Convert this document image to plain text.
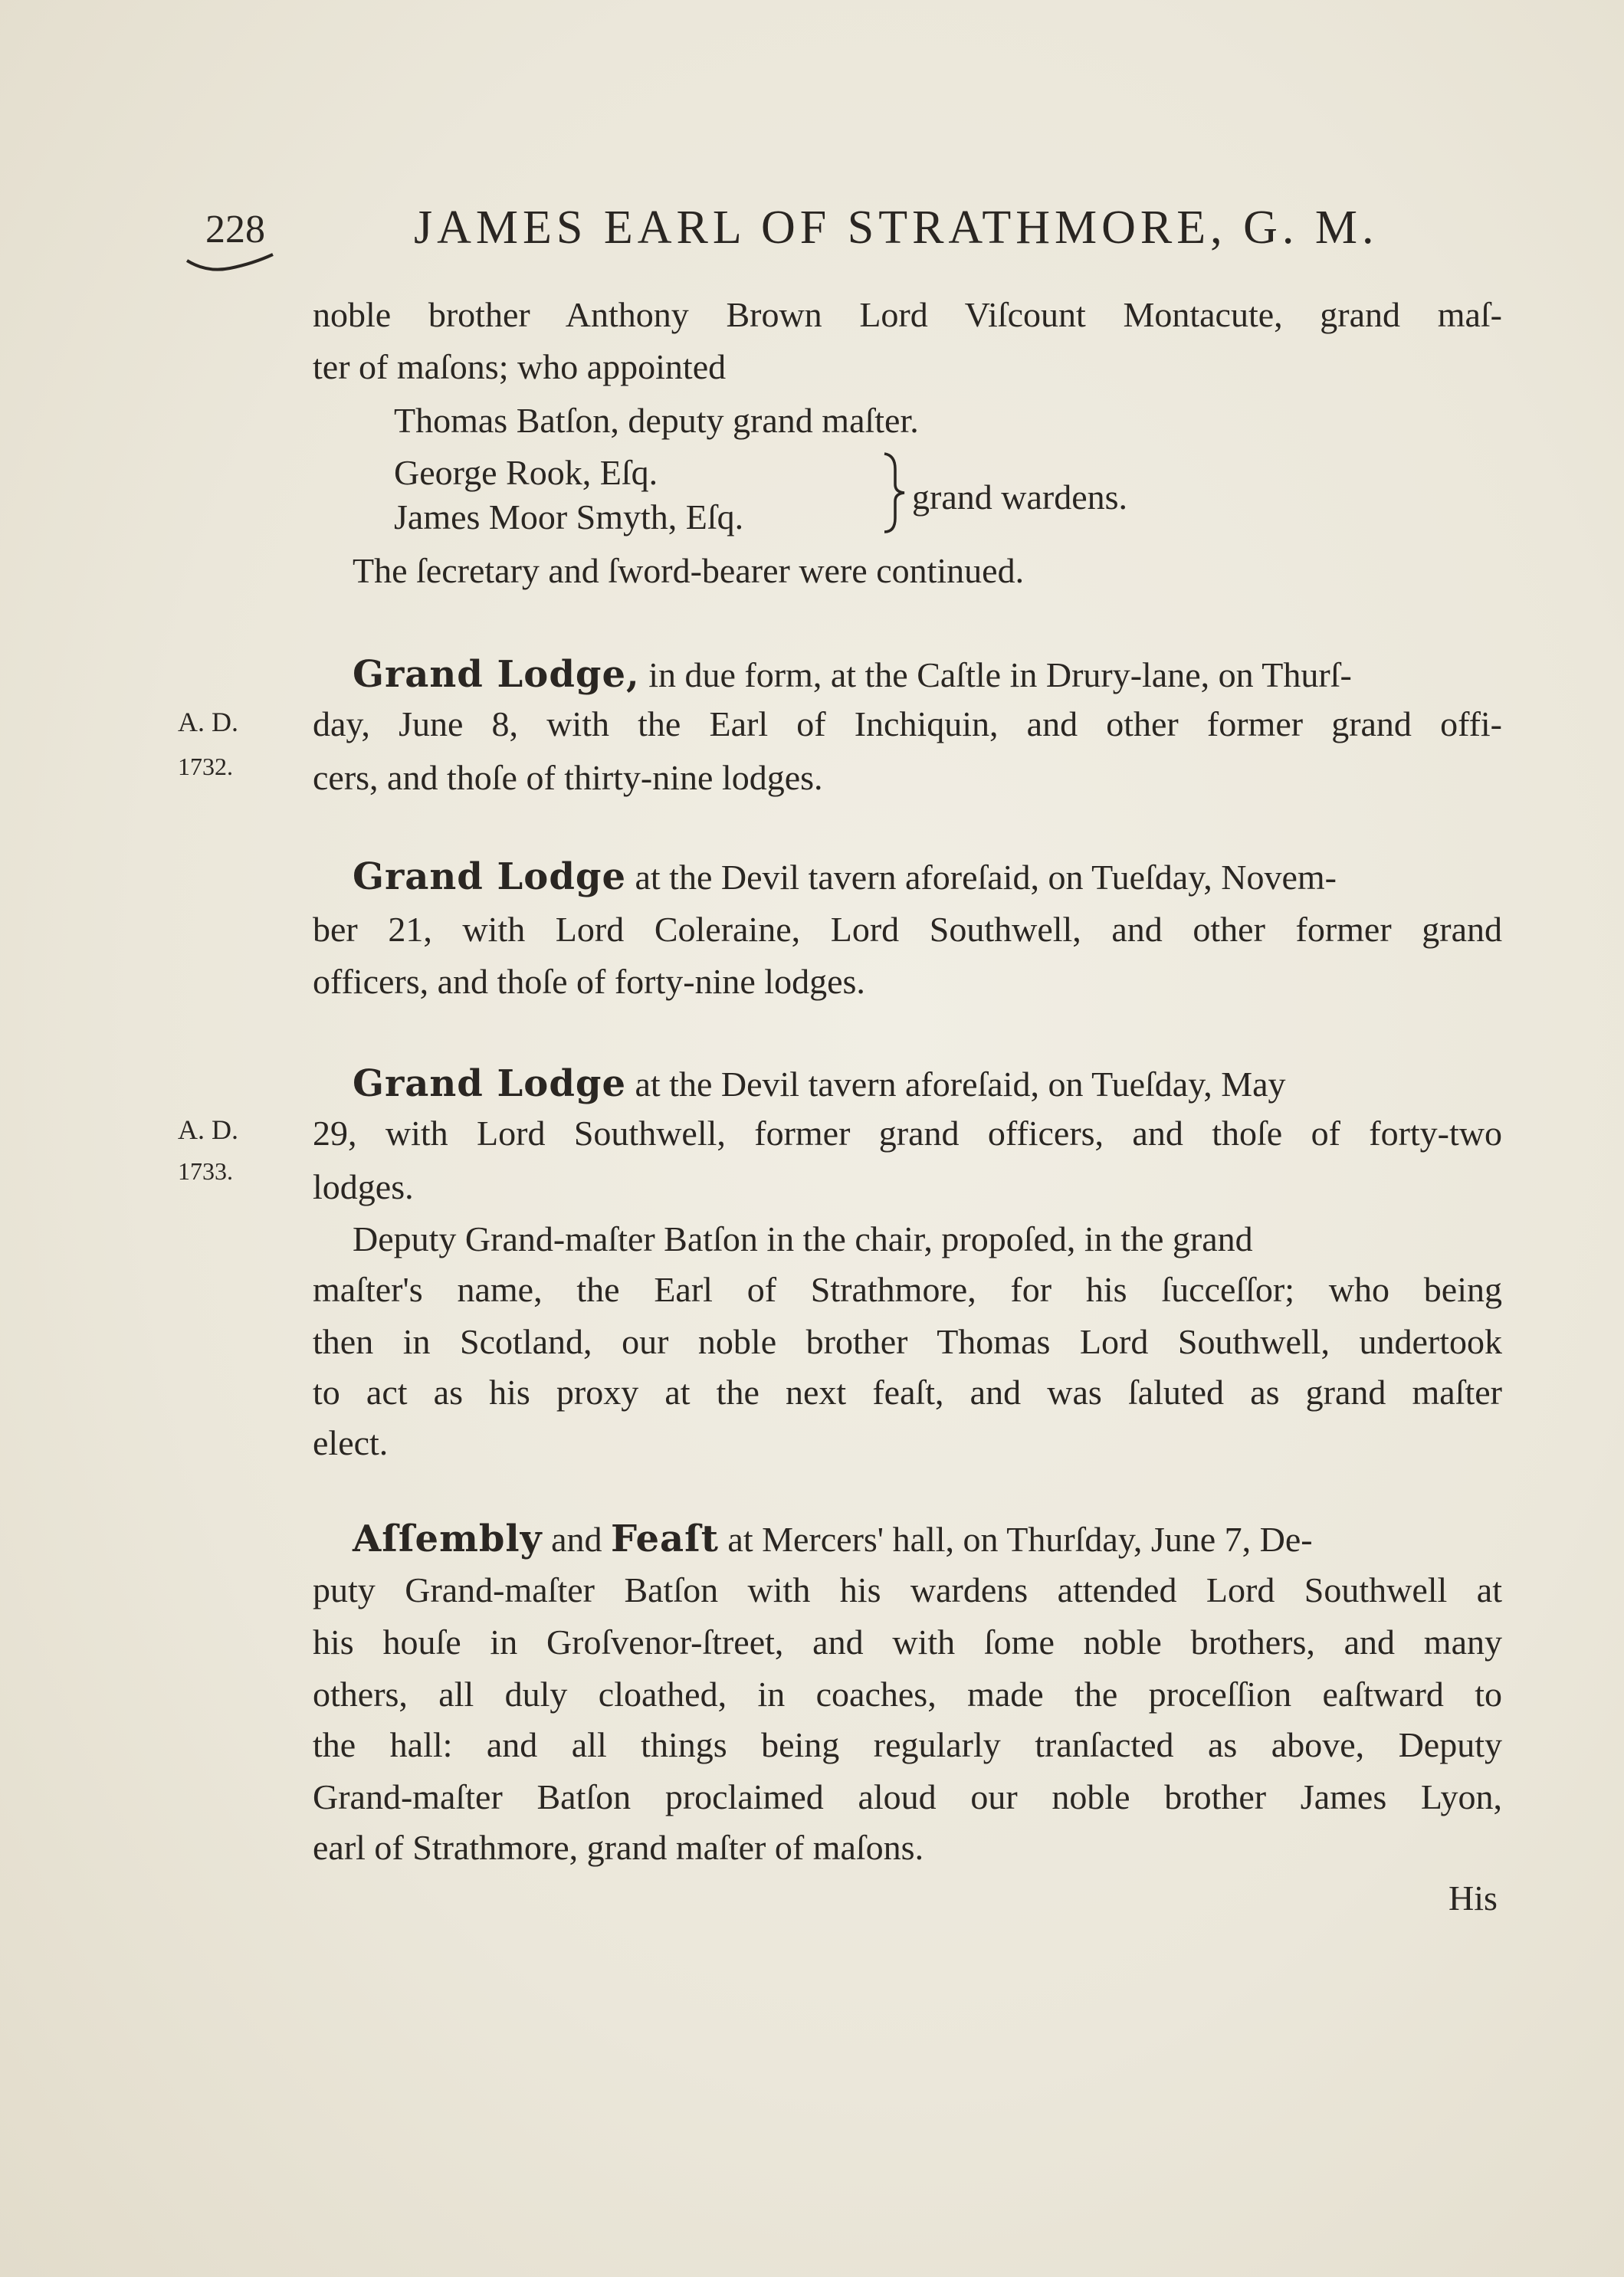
228	JAMES EARL OF STRATHMORE, G. M.
noble brother Anthony Brown Lord Viſcount Montacute, grand maſ-
ter of maſons; who appointed
Thomas Batſon, deputy grand maſter.
George Rook, Eſq.
James Moor Smyth, Eſq.
grand wardens.
The ſecretary and ſword-bearer were continued.
Grand Lodge, in due form, at the Caſtle in Drury-lane, on Thurſ-
A. D.
1732.
day, June 8, with the Earl of Inchiquin, and other former grand offi-
cers, and thoſe of thirty-nine lodges.
Grand Lodge at the Devil tavern aforeſaid, on Tueſday, Novem-
ber 21, with Lord Coleraine, Lord Southwell, and other former grand
officers, and thoſe of forty-nine lodges.
Grand Lodge at the Devil tavern aforeſaid, on Tueſday, May
A. D.
1733.
29, with Lord Southwell, former grand officers, and thoſe of forty-two
lodges.
Deputy Grand-maſter Batſon in the chair, propoſed, in the grand
maſter's name, the Earl of Strathmore, for his ſucceſſor; who being
then in Scotland, our noble brother Thomas Lord Southwell, undertook
to act as his proxy at the next feaſt, and was ſaluted as grand maſter
elect.
Aſſembly and Feaſt at Mercers' hall, on Thurſday, June 7, De-
puty Grand-maſter Batſon with his wardens attended Lord Southwell at
his houſe in Groſvenor-ſtreet, and with ſome noble brothers, and many
others, all duly cloathed, in coaches, made the proceſſion eaſtward to
the hall: and all things being regularly tranſacted as above, Deputy
Grand-maſter Batſon proclaimed aloud our noble brother James Lyon,
earl of Strathmore, grand maſter of maſons.
His
